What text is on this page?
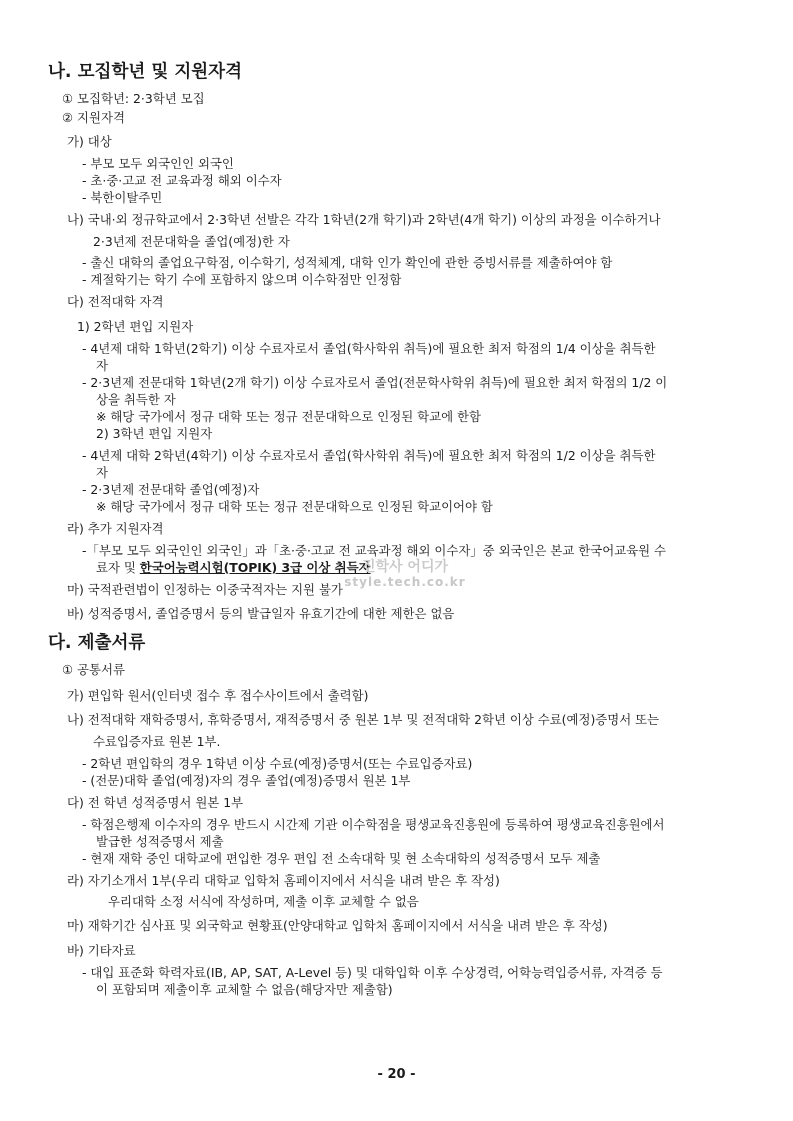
나. 모집학년 및 지원자격
① 모집학년: 2·3학년 모집
② 지원자격
가) 대상
- 부모 모두 외국인인 외국인
- 초·중·고교 전 교육과정 해외 이수자
- 북한이탈주민
나) 국내·외 정규학교에서 2·3학년 선발은 각각 1학년(2개 학기)과 2학년(4개 학기) 이상의 과정을 이수하거나
2·3년제 전문대학을 졸업(예정)한 자
- 출신 대학의 졸업요구학점, 이수학기, 성적체계, 대학 인가 확인에 관한 증빙서류를 제출하여야 함
- 계절학기는 학기 수에 포함하지 않으며 이수학점만 인정함
다) 전적대학 자격
1) 2학년 편입 지원자
- 4년제 대학 1학년(2학기) 이상 수료자로서 졸업(학사학위 취득)에 필요한 최저 학점의 1/4 이상을 취득한
자
- 2·3년제 전문대학 1학년(2개 학기) 이상 수료자로서 졸업(전문학사학위 취득)에 필요한 최저 학점의 1/2 이
상을 취득한 자
※ 해당 국가에서 정규 대학 또는 정규 전문대학으로 인정된 학교에 한함
2) 3학년 편입 지원자
- 4년제 대학 2학년(4학기) 이상 수료자로서 졸업(학사학위 취득)에 필요한 최저 학점의 1/2 이상을 취득한
자
- 2·3년제 전문대학 졸업(예정)자
※ 해당 국가에서 정규 대학 또는 정규 전문대학으로 인정된 학교이어야 함
라) 추가 지원자격
-「부모 모두 외국인인 외국인」과「초·중·고교 전 교육과정 해외 이수자」중 외국인은 본교 한국어교육원 수
료자 및 한국어능력시험(TOPIK) 3급 이상 취득자
마) 국적관련법이 인정하는 이중국적자는 지원 불가
바) 성적증명서, 졸업증명서 등의 발급일자 유효기간에 대한 제한은 없음
다. 제출서류
① 공통서류
가) 편입학 원서(인터넷 접수 후 접수사이트에서 출력함)
나) 전적대학 재학증명서, 휴학증명서, 재적증명서 중 원본 1부 및 전적대학 2학년 이상 수료(예정)증명서 또는
수료입증자료 원본 1부.
- 2학년 편입학의 경우 1학년 이상 수료(예정)증명서(또는 수료입증자료)
- (전문)대학 졸업(예정)자의 경우 졸업(예정)증명서 원본 1부
다) 전 학년 성적증명서 원본 1부
- 학점은행제 이수자의 경우 반드시 시간제 기관 이수학점을 평생교육진흥원에 등록하여 평생교육진흥원에서
발급한 성적증명서 제출
- 현재 재학 중인 대학교에 편입한 경우 편입 전 소속대학 및 현 소속대학의 성적증명서 모두 제출
라) 자기소개서 1부(우리 대학교 입학처 홈페이지에서 서식을 내려 받은 후 작성)
우리대학 소정 서식에 작성하며, 제출 이후 교체할 수 없음
마) 재학기간 심사표 및 외국학교 현황표(안양대학교 입학처 홈페이지에서 서식을 내려 받은 후 작성)
바) 기타자료
- 대입 표준화 학력자료(IB, AP, SAT, A-Level 등) 및 대학입학 이후 수상경력, 어학능력입증서류, 자격증 등
이 포함되며 제출이후 교체할 수 없음(해당자만 제출함)
진학사 어디가
style.tech.co.kr
- 20 -
